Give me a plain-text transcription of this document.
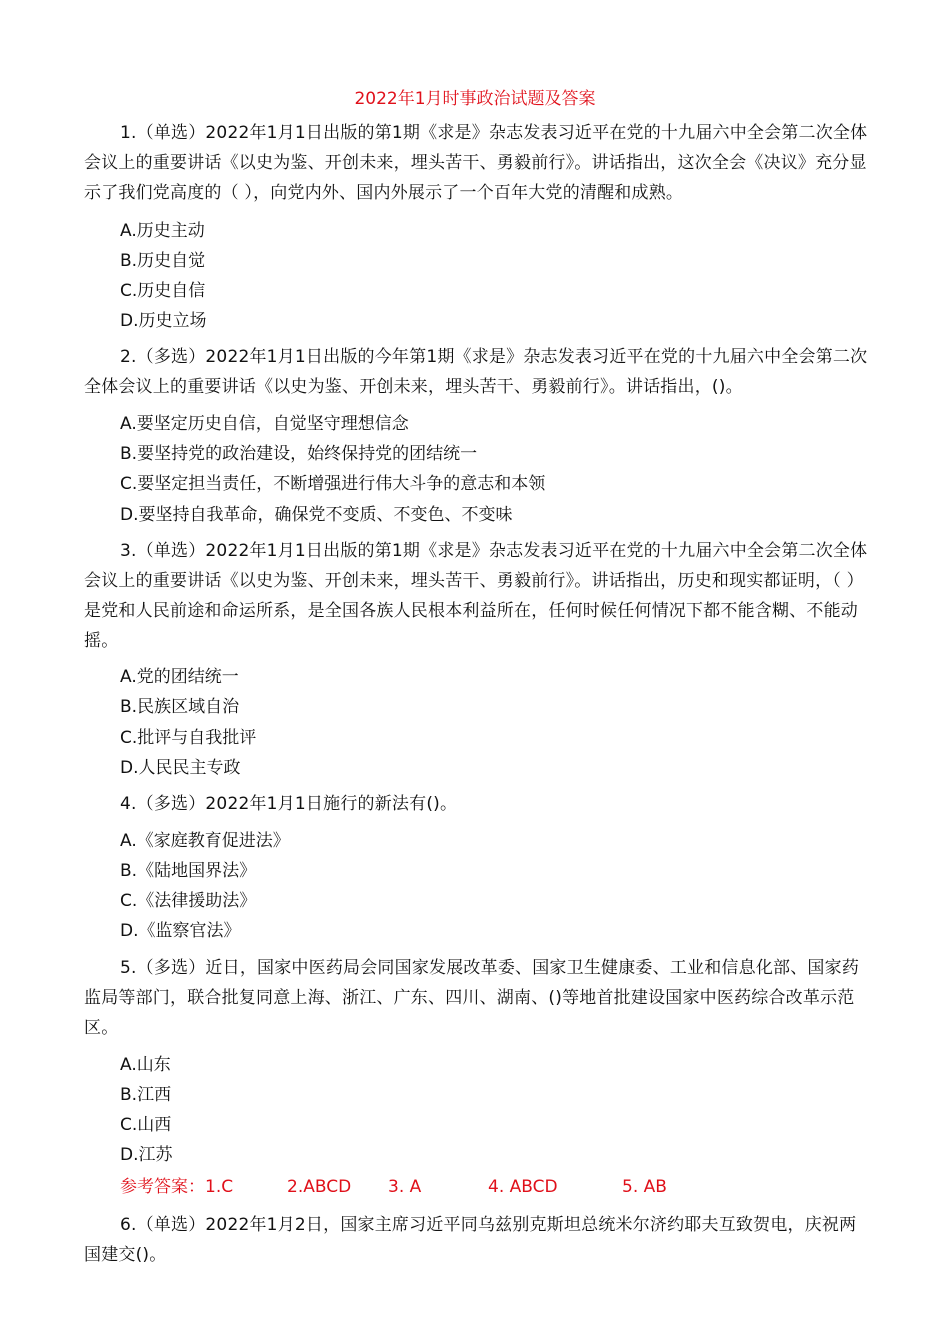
2022年1月时事政治试题及答案
1.（单选）2022年1月1日出版的第1期《求是》杂志发表习近平在党的十九届六中全会第二次全体会议上的重要讲话《以史为鉴、开创未来，埋头苦干、勇毅前行》。讲话指出，这次全会《决议》充分显示了我们党高度的（ ），向党内外、国内外展示了一个百年大党的清醒和成熟。
A.历史主动
B.历史自觉
C.历史自信
D.历史立场
2.（多选）2022年1月1日出版的今年第1期《求是》杂志发表习近平在党的十九届六中全会第二次全体会议上的重要讲话《以史为鉴、开创未来，埋头苦干、勇毅前行》。讲话指出，()。
A.要坚定历史自信，自觉坚守理想信念
B.要坚持党的政治建设，始终保持党的团结统一
C.要坚定担当责任，不断增强进行伟大斗争的意志和本领
D.要坚持自我革命，确保党不变质、不变色、不变味
3.（单选）2022年1月1日出版的第1期《求是》杂志发表习近平在党的十九届六中全会第二次全体会议上的重要讲话《以史为鉴、开创未来，埋头苦干、勇毅前行》。讲话指出，历史和现实都证明，（ ）是党和人民前途和命运所系，是全国各族人民根本利益所在，任何时候任何情况下都不能含糊、不能动摇。
A.党的团结统一
B.民族区域自治
C.批评与自我批评
D.人民民主专政
4.（多选）2022年1月1日施行的新法有()。
A.《家庭教育促进法》
B.《陆地国界法》
C.《法律援助法》
D.《监察官法》
5.（多选）近日，国家中医药局会同国家发展改革委、国家卫生健康委、工业和信息化部、国家药监局等部门，联合批复同意上海、浙江、广东、四川、湖南、()等地首批建设国家中医药综合改革示范区。
A.山东
B.江西
C.山西
D.江苏
参考答案：1.C	2.ABCD 3. A	4. ABCD	5. AB
6.（单选）2022年1月2日，国家主席习近平同乌兹别克斯坦总统米尔济约耶夫互致贺电，庆祝两国建交()。
